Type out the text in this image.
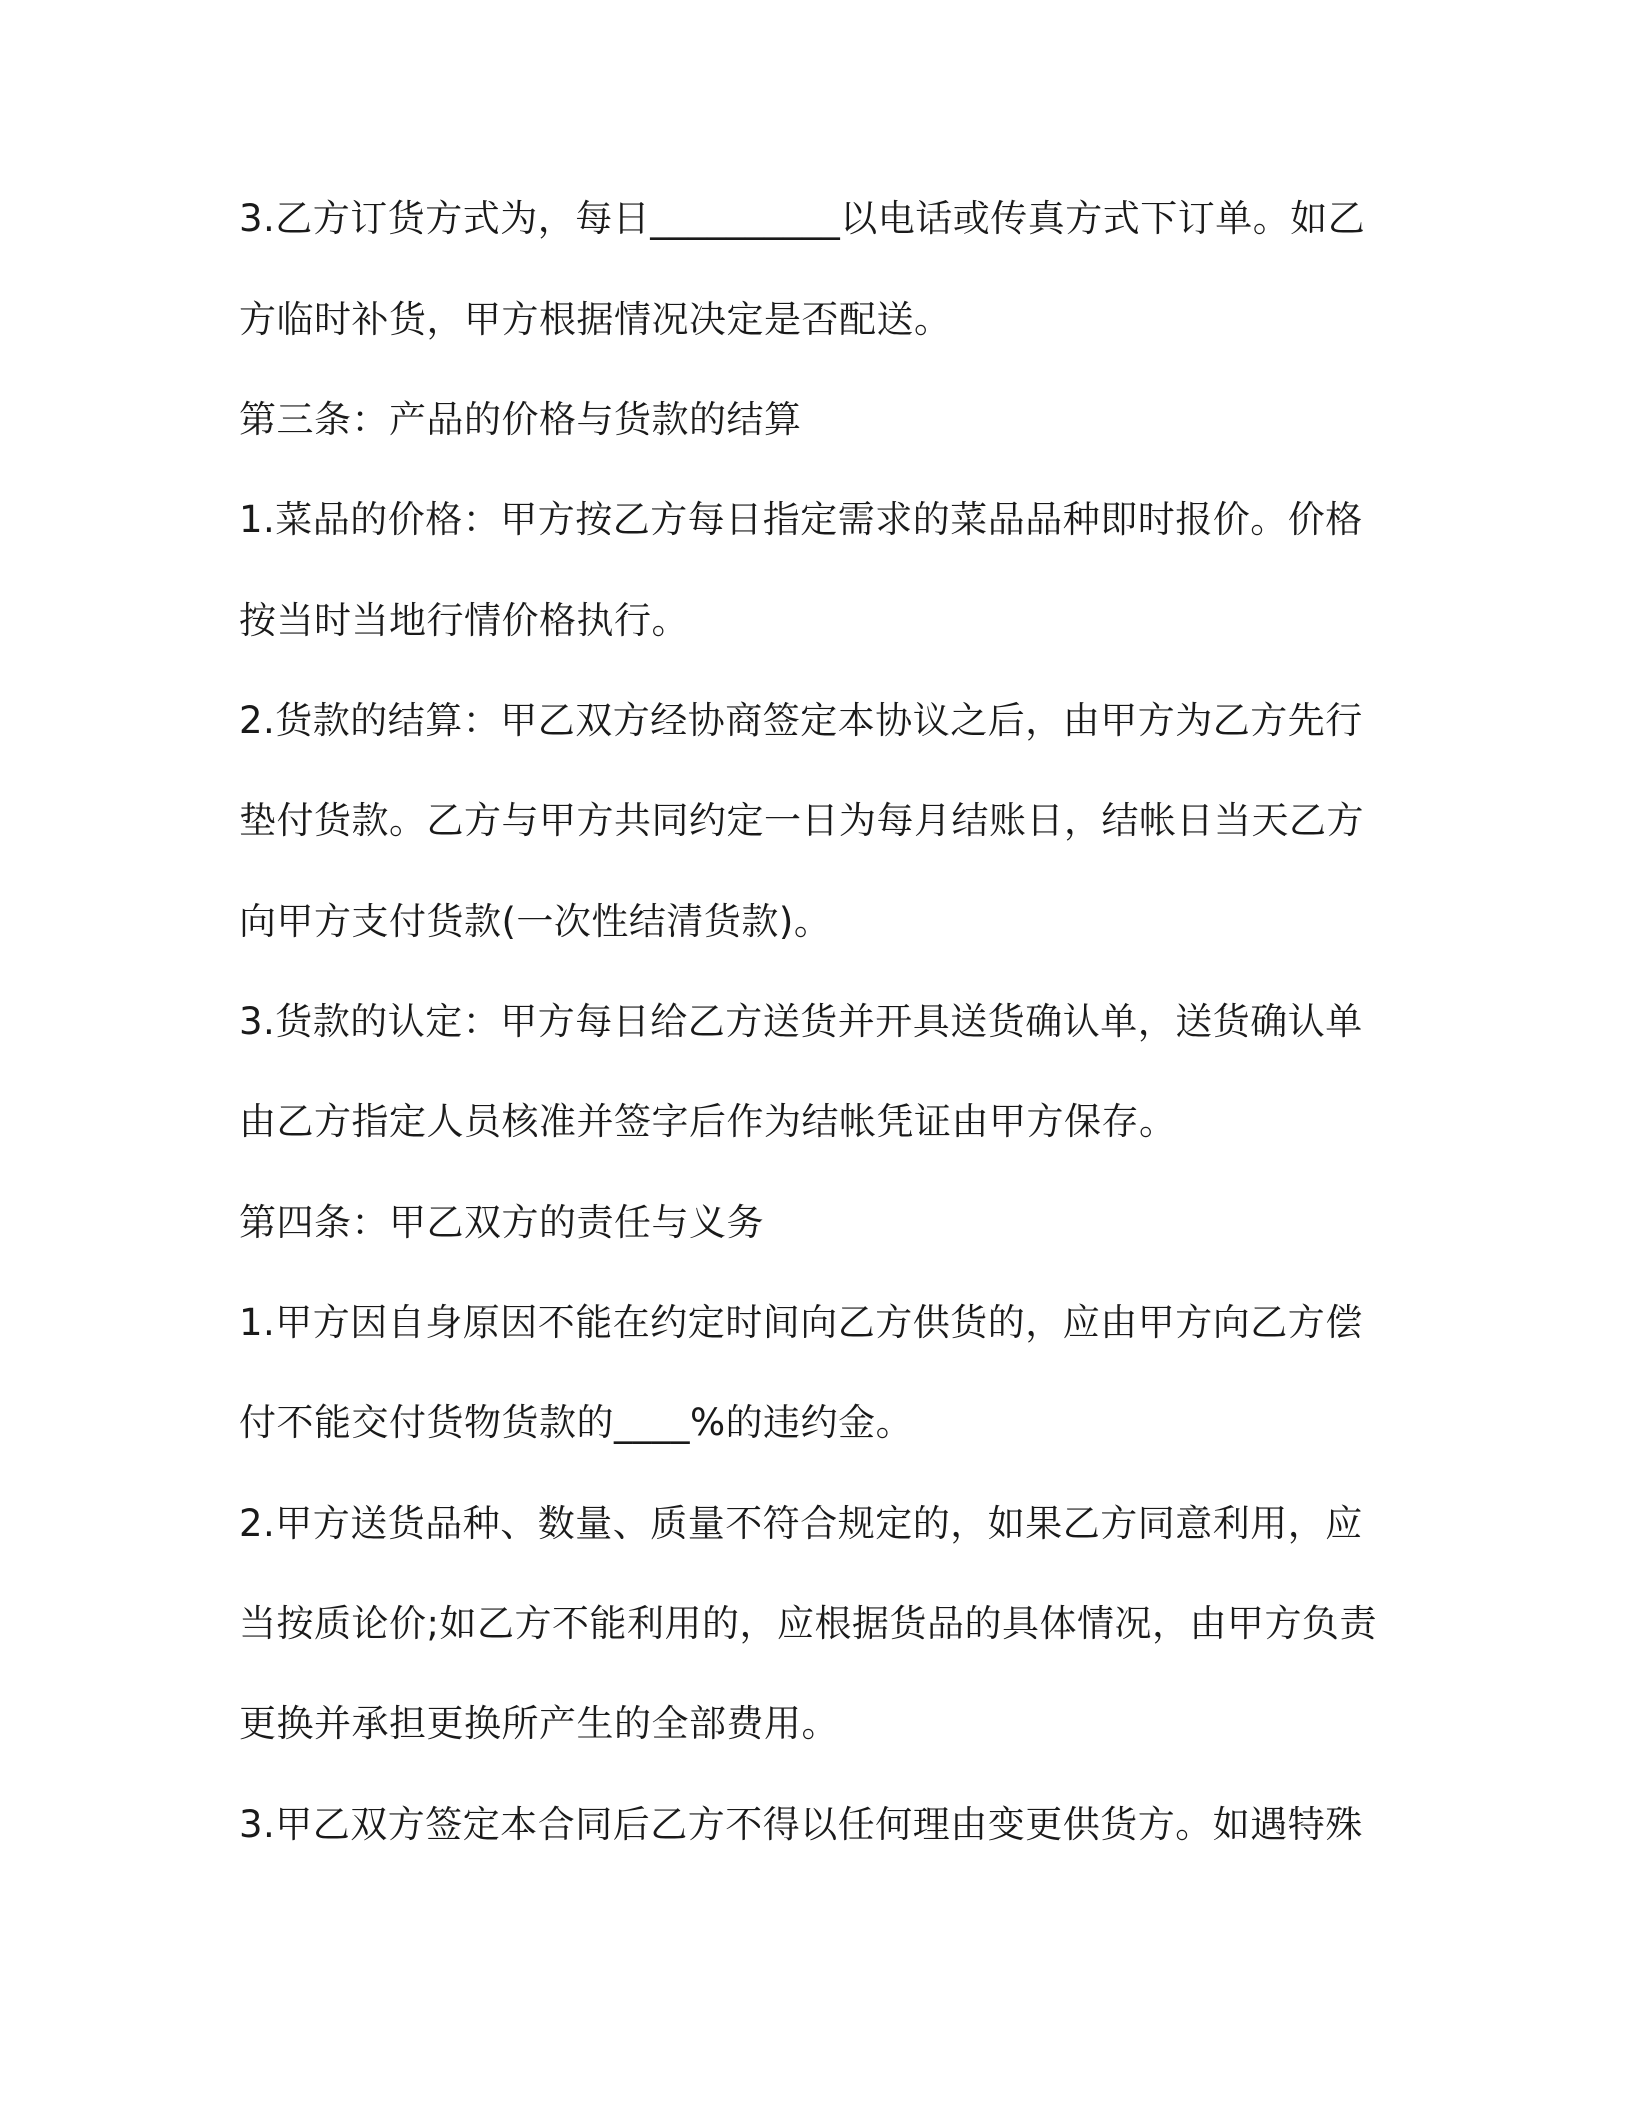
3.乙方订货方式为，每日__________以电话或传真方式下订单。如乙

方临时补货，甲方根据情况决定是否配送。

第三条：产品的价格与货款的结算

1.菜品的价格：甲方按乙方每日指定需求的菜品品种即时报价。价格

按当时当地行情价格执行。

2.货款的结算：甲乙双方经协商签定本协议之后，由甲方为乙方先行

垫付货款。乙方与甲方共同约定一日为每月结账日，结帐日当天乙方

向甲方支付货款(一次性结清货款)。

3.货款的认定：甲方每日给乙方送货并开具送货确认单，送货确认单

由乙方指定人员核准并签字后作为结帐凭证由甲方保存。

第四条：甲乙双方的责任与义务

1.甲方因自身原因不能在约定时间向乙方供货的，应由甲方向乙方偿

付不能交付货物货款的____%的违约金。

2.甲方送货品种、数量、质量不符合规定的，如果乙方同意利用，应

当按质论价;如乙方不能利用的，应根据货品的具体情况，由甲方负责

更换并承担更换所产生的全部费用。

3.甲乙双方签定本合同后乙方不得以任何理由变更供货方。如遇特殊
